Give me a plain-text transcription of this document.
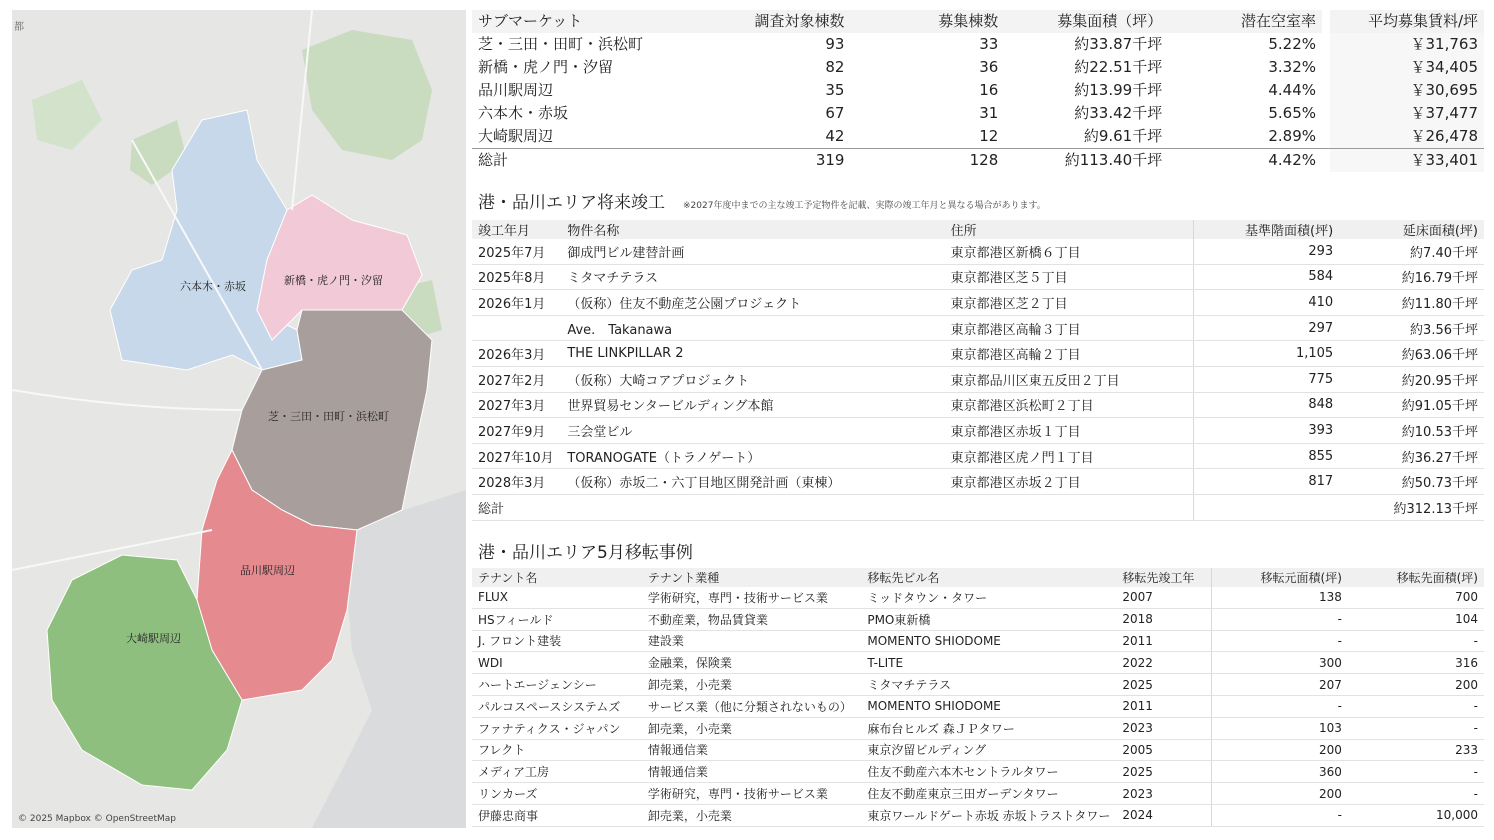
都
六本木・赤坂	新橋・虎ノ門・汐留
芝・三田・田町・浜松町
品川駅周辺
大崎駅周辺
© 2025 Mapbox © OpenStreetMap
サブマーケット	調査対象棟数	募集棟数	募集面積（坪）	潜在空室率		平均募集賃料/坪
芝・三田・田町・浜松町	93	33	約33.87千坪	5.22%		￥31,763
新橋・虎ノ門・汐留	82	36	約22.51千坪	3.32%		￥34,405
品川駅周辺	35	16	約13.99千坪	4.44%		￥30,695
六本木・赤坂	67	31	約33.42千坪	5.65%		￥37,477
大崎駅周辺	42	12	約9.61千坪	2.89%		￥26,478
総計	319	128	約113.40千坪	4.42%		￥33,401
港・品川エリア将来竣工 ※2027年度中までの主な竣工予定物件を記載、実際の竣工年月と異なる場合があります。
竣工年月	物件名称	住所	基準階面積(坪)	延床面積(坪)
2025年7月	御成門ビル建替計画	東京都港区新橋６丁目	293	約7.40千坪
2025年8月	ミタマチテラス	東京都港区芝５丁目	584	約16.79千坪
2026年1月	（仮称）住友不動産芝公園プロジェクト	東京都港区芝２丁目	410	約11.80千坪
	Ave.　Takanawa	東京都港区高輪３丁目	297	約3.56千坪
2026年3月	THE LINKPILLAR 2	東京都港区高輪２丁目	1,105	約63.06千坪
2027年2月	（仮称）大崎コアプロジェクト	東京都品川区東五反田２丁目	775	約20.95千坪
2027年3月	世界貿易センタービルディング本館	東京都港区浜松町２丁目	848	約91.05千坪
2027年9月	三会堂ビル	東京都港区赤坂１丁目	393	約10.53千坪
2027年10月	TORANOGATE（トラノゲート）	東京都港区虎ノ門１丁目	855	約36.27千坪
2028年3月	（仮称）赤坂二・六丁目地区開発計画（東棟）	東京都港区赤坂２丁目	817	約50.73千坪
総計				約312.13千坪
港・品川エリア5月移転事例
テナント名	テナント業種	移転先ビル名	移転先竣工年	移転元面積(坪)	移転先面積(坪)
FLUX	学術研究，専門・技術サービス業	ミッドタウン・タワー	2007	138	700
HSフィールド	不動産業，物品賃貸業	PMO東新橋	2018	-	104
J. フロント建装	建設業	MOMENTO SHIODOME	2011	-	-
WDI	金融業，保険業	T-LITE	2022	300	316
ハートエージェンシー	卸売業，小売業	ミタマチテラス	2025	207	200
パルコスペースシステムズ	サービス業（他に分類されないもの）	MOMENTO SHIODOME	2011	-	-
ファナティクス・ジャパン	卸売業，小売業	麻布台ヒルズ 森ＪＰタワー	2023	103	-
フレクト	情報通信業	東京汐留ビルディング	2005	200	233
メディア工房	情報通信業	住友不動産六本木セントラルタワー	2025	360	-
リンカーズ	学術研究，専門・技術サービス業	住友不動産東京三田ガーデンタワー	2023	200	-
伊藤忠商事	卸売業，小売業	東京ワールドゲート赤坂 赤坂トラストタワー	2024	-	10,000
